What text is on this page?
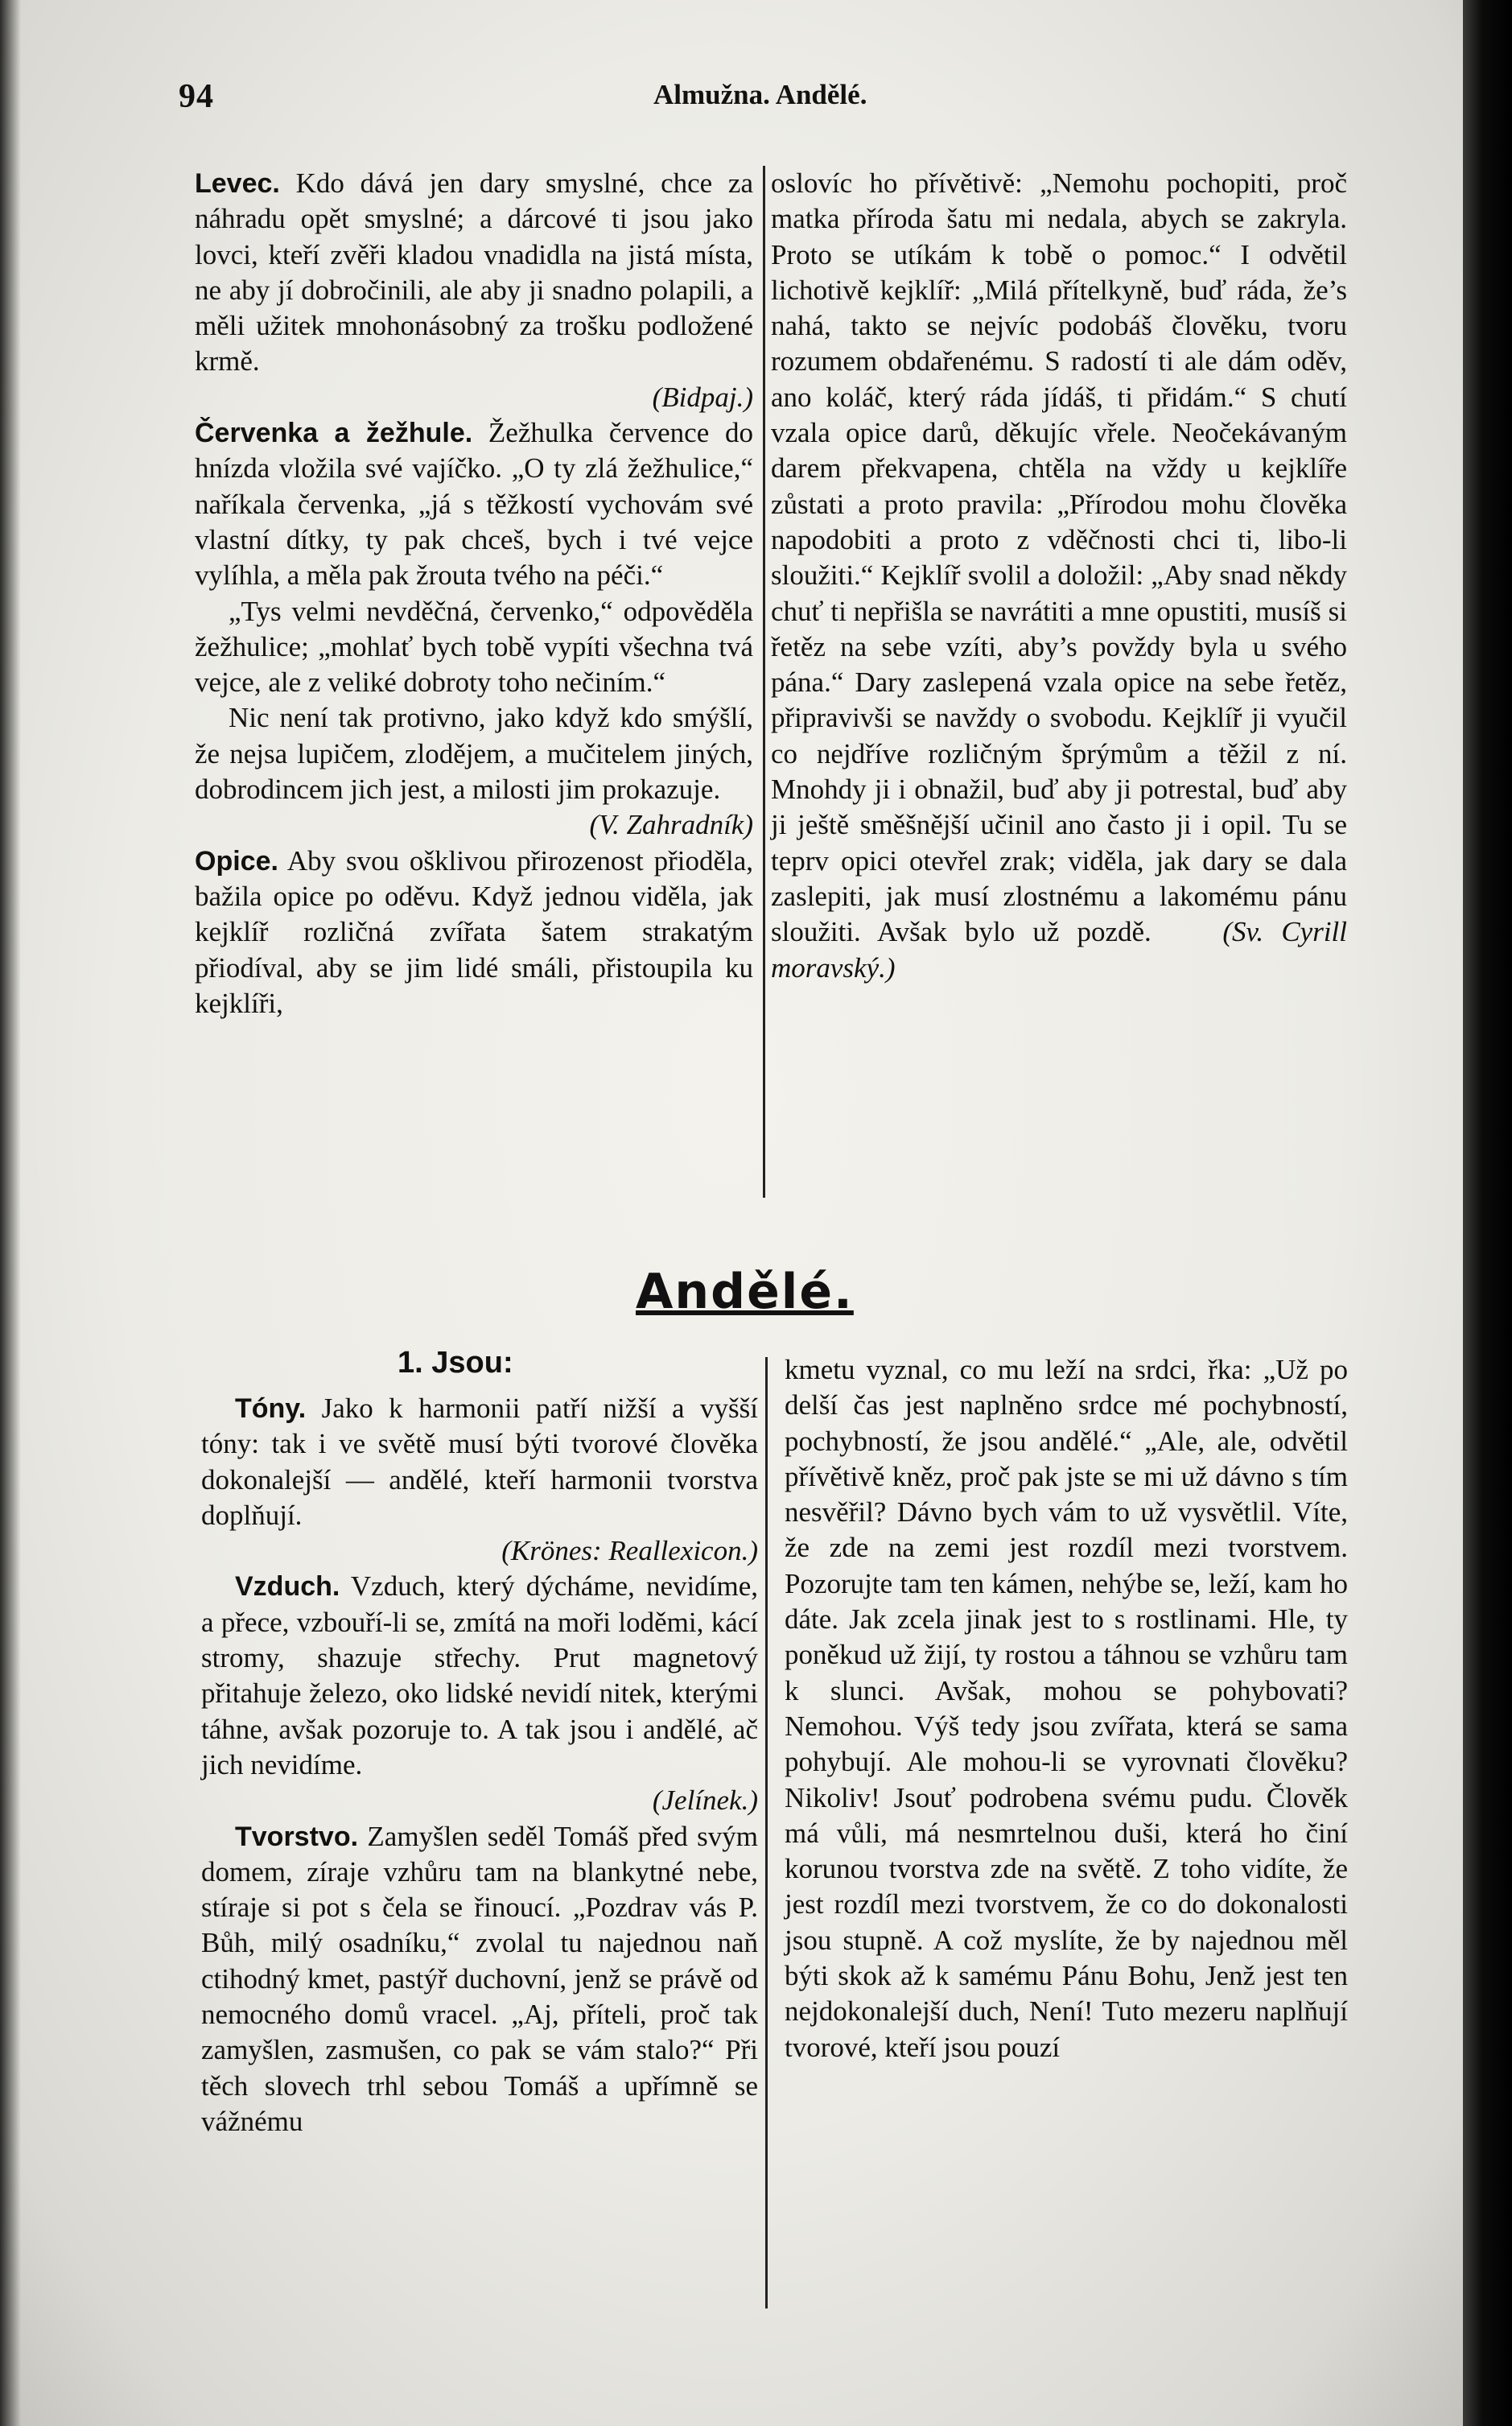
94	Almužna. Andělé.

Levec. Kdo dává jen dary smyslné, chce za náhradu opět smyslné; a dárcové ti jsou jako lovci, kteří zvěři kladou vnadidla na jistá místa, ne aby jí dobročinili, ale aby ji snadno polapili, a měli užitek mnohonásobný za trošku podložené krmě.

(Bidpaj.)

Červenka a žežhule. Žežhulka července do hnízda vložila své vajíčko. „O ty zlá žežhulice,“ naříkala červenka, „já s těžkostí vychovám své vlastní dítky, ty pak chceš, bych i tvé vejce vylíhla, a měla pak žrouta tvého na péči.“

„Tys velmi nevděčná, červenko,“ odpověděla žežhulice; „mohlať bych tobě vypíti všechna tvá vejce, ale z veliké dobroty toho nečiním.“

Nic není tak protivno, jako když kdo smýšlí, že nejsa lupičem, zlodějem, a mučitelem jiných, dobrodincem jich jest, a milosti jim prokazuje.

(V. Zahradník)

Opice. Aby svou ošklivou přirozenost přioděla, bažila opice po oděvu. Když jednou viděla, jak kejklíř rozličná zvířata šatem strakatým přiodíval, aby se jim lidé smáli, přistoupila ku kejklíři,

oslovíc ho přívětivě: „Nemohu pochopiti, proč matka příroda šatu mi nedala, abych se zakryla. Proto se utíkám k tobě o pomoc.“ I odvětil lichotivě kejklíř: „Milá přítelkyně, buď ráda, že’s nahá, takto se nejvíc podobáš člověku, tvoru rozumem obdařenému. S radostí ti ale dám oděv, ano koláč, který ráda jídáš, ti přidám.“ S chutí vzala opice darů, děkujíc vřele. Neočekávaným darem překvapena, chtěla na vždy u kejklíře zůstati a proto pravila: „Přírodou mohu člověka napodobiti a proto z vděčnosti chci ti, libo-li sloužiti.“ Kejklíř svolil a doložil: „Aby snad někdy chuť ti nepřišla se navrátiti a mne opustiti, musíš si řetěz na sebe vzíti, aby’s povždy byla u svého pána.“ Dary zaslepená vzala opice na sebe řetěz, připravivši se navždy o svobodu. Kejklíř ji vyučil co nejdříve rozličným šprýmům a těžil z ní. Mnohdy ji i obnažil, buď aby ji potrestal, buď aby ji ještě směšnější učinil ano často ji i opil. Tu se teprv opici otevřel zrak; viděla, jak dary se dala zaslepiti, jak musí zlostnému a lakomému pánu sloužiti. Avšak bylo už pozdě.	(Sv. Cyrill moravský.)

Andělé.
1. Jsou:

Tóny. Jako k harmonii patří nižší a vyšší tóny: tak i ve světě musí býti tvorové člověka dokonalejší — andělé, kteří harmonii tvorstva doplňují.

(Krönes: Reallexicon.)

Vzduch. Vzduch, který dýcháme, nevidíme, a přece, vzbouří-li se, zmítá na moři loděmi, kácí stromy, shazuje střechy. Prut magnetový přitahuje železo, oko lidské nevidí nitek, kterými táhne, avšak pozoruje to. A tak jsou i andělé, ač jich nevidíme.

(Jelínek.)

Tvorstvo. Zamyšlen seděl Tomáš před svým domem, zíraje vzhůru tam na blankytné nebe, stíraje si pot s čela se řinoucí. „Pozdrav vás P. Bůh, milý osadníku,“ zvolal tu najednou naň ctihodný kmet, pastýř duchovní, jenž se právě od nemocného domů vracel. „Aj, příteli, proč tak zamyšlen, zasmušen, co pak se vám stalo?“ Při těch slovech trhl sebou Tomáš a upřímně se vážnému

kmetu vyznal, co mu leží na srdci, řka: „Už po delší čas jest naplněno srdce mé pochybností, pochybností, že jsou andělé.“ „Ale, ale, odvětil přívětivě kněz, proč pak jste se mi už dávno s tím nesvěřil? Dávno bych vám to už vysvětlil. Víte, že zde na zemi jest rozdíl mezi tvorstvem. Pozorujte tam ten kámen, nehýbe se, leží, kam ho dáte. Jak zcela jinak jest to s rostlinami. Hle, ty poněkud už žijí, ty rostou a táhnou se vzhůru tam k slunci. Avšak, mohou se pohybovati? Nemohou. Výš tedy jsou zvířata, která se sama pohybují. Ale mohou-li se vyrovnati člověku? Nikoliv! Jsouť podrobena svému pudu. Člověk má vůli, má nesmrtelnou duši, která ho činí korunou tvorstva zde na světě. Z toho vidíte, že jest rozdíl mezi tvorstvem, že co do dokonalosti jsou stupně. A což myslíte, že by najednou měl býti skok až k samému Pánu Bohu, Jenž jest ten nejdokonalejší duch, Není! Tuto mezeru naplňují tvorové, kteří jsou pouzí
